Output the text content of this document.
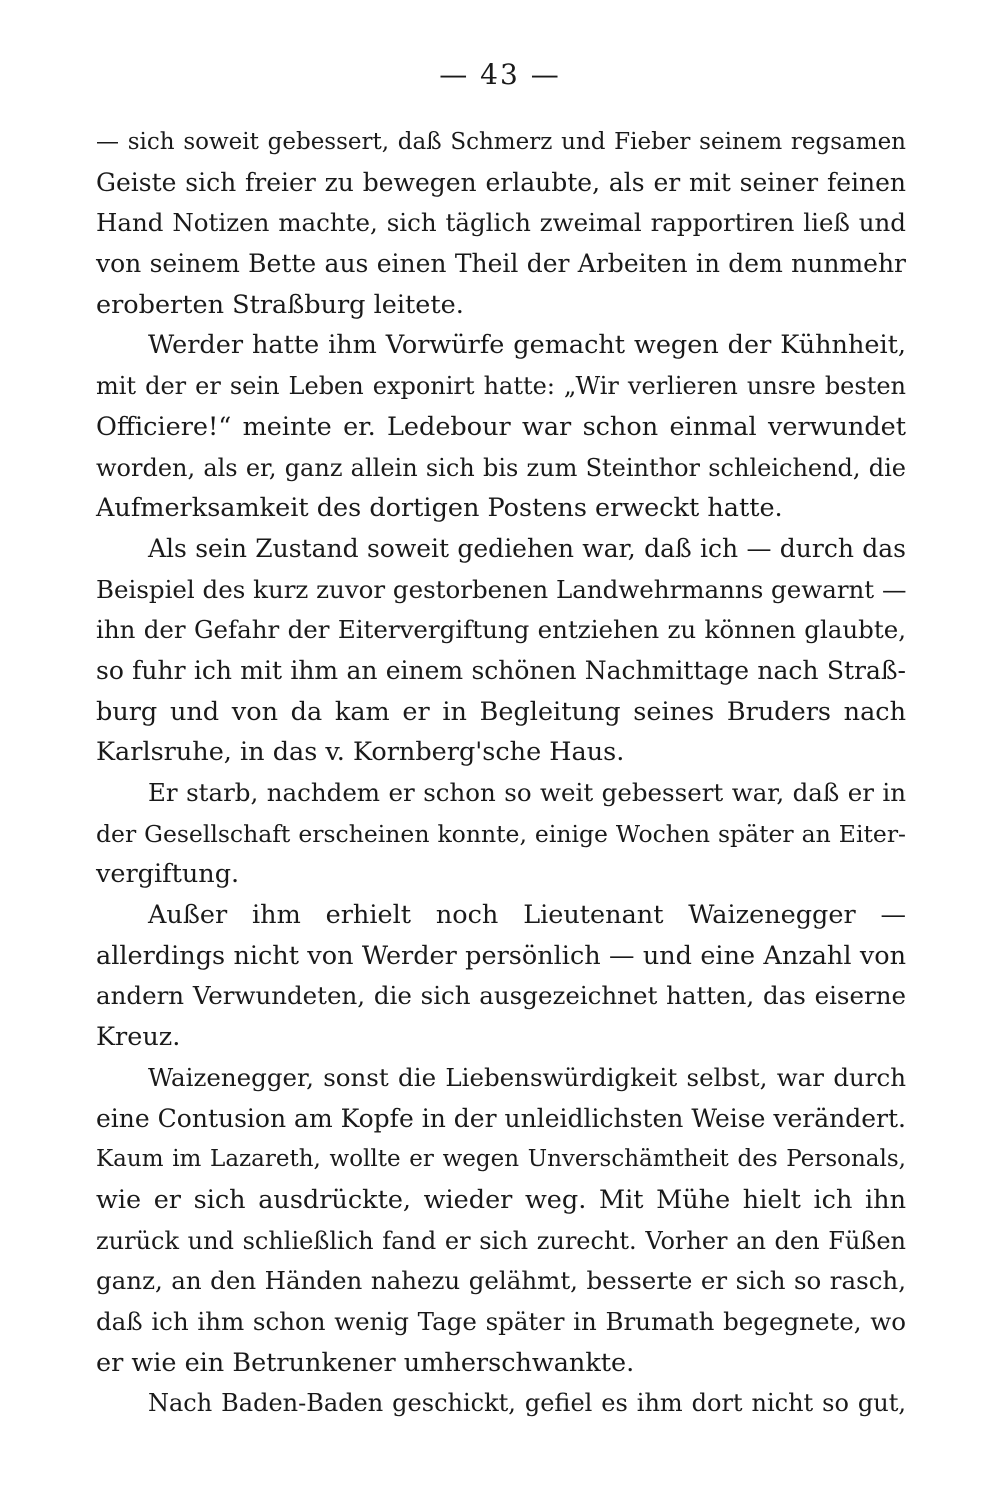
— 43 —
— sich soweit gebessert, daß Schmerz und Fieber seinem regsamen
Geiste sich freier zu bewegen erlaubte, als er mit seiner feinen
Hand Notizen machte, sich täglich zweimal rapportiren ließ und
von seinem Bette aus einen Theil der Arbeiten in dem nunmehr
eroberten Straßburg leitete.
Werder hatte ihm Vorwürfe gemacht wegen der Kühnheit,
mit der er sein Leben exponirt hatte: „Wir verlieren unsre besten
Officiere!“ meinte er. Ledebour war schon einmal verwundet
worden, als er, ganz allein sich bis zum Steinthor schleichend, die
Aufmerksamkeit des dortigen Postens erweckt hatte.
Als sein Zustand soweit gediehen war, daß ich — durch das
Beispiel des kurz zuvor gestorbenen Landwehrmanns gewarnt —
ihn der Gefahr der Eitervergiftung entziehen zu können glaubte,
so fuhr ich mit ihm an einem schönen Nachmittage nach Straß-
burg und von da kam er in Begleitung seines Bruders nach
Karlsruhe, in das v. Kornberg'sche Haus.
Er starb, nachdem er schon so weit gebessert war, daß er in
der Gesellschaft erscheinen konnte, einige Wochen später an Eiter-
vergiftung.
Außer ihm erhielt noch Lieutenant Waizenegger —
allerdings nicht von Werder persönlich — und eine Anzahl von
andern Verwundeten, die sich ausgezeichnet hatten, das eiserne
Kreuz.
Waizenegger, sonst die Liebenswürdigkeit selbst, war durch
eine Contusion am Kopfe in der unleidlichsten Weise verändert.
Kaum im Lazareth, wollte er wegen Unverschämtheit des Personals,
wie er sich ausdrückte, wieder weg. Mit Mühe hielt ich ihn
zurück und schließlich fand er sich zurecht. Vorher an den Füßen
ganz, an den Händen nahezu gelähmt, besserte er sich so rasch,
daß ich ihm schon wenig Tage später in Brumath begegnete, wo
er wie ein Betrunkener umherschwankte.
Nach Baden-Baden geschickt, gefiel es ihm dort nicht so gut,
